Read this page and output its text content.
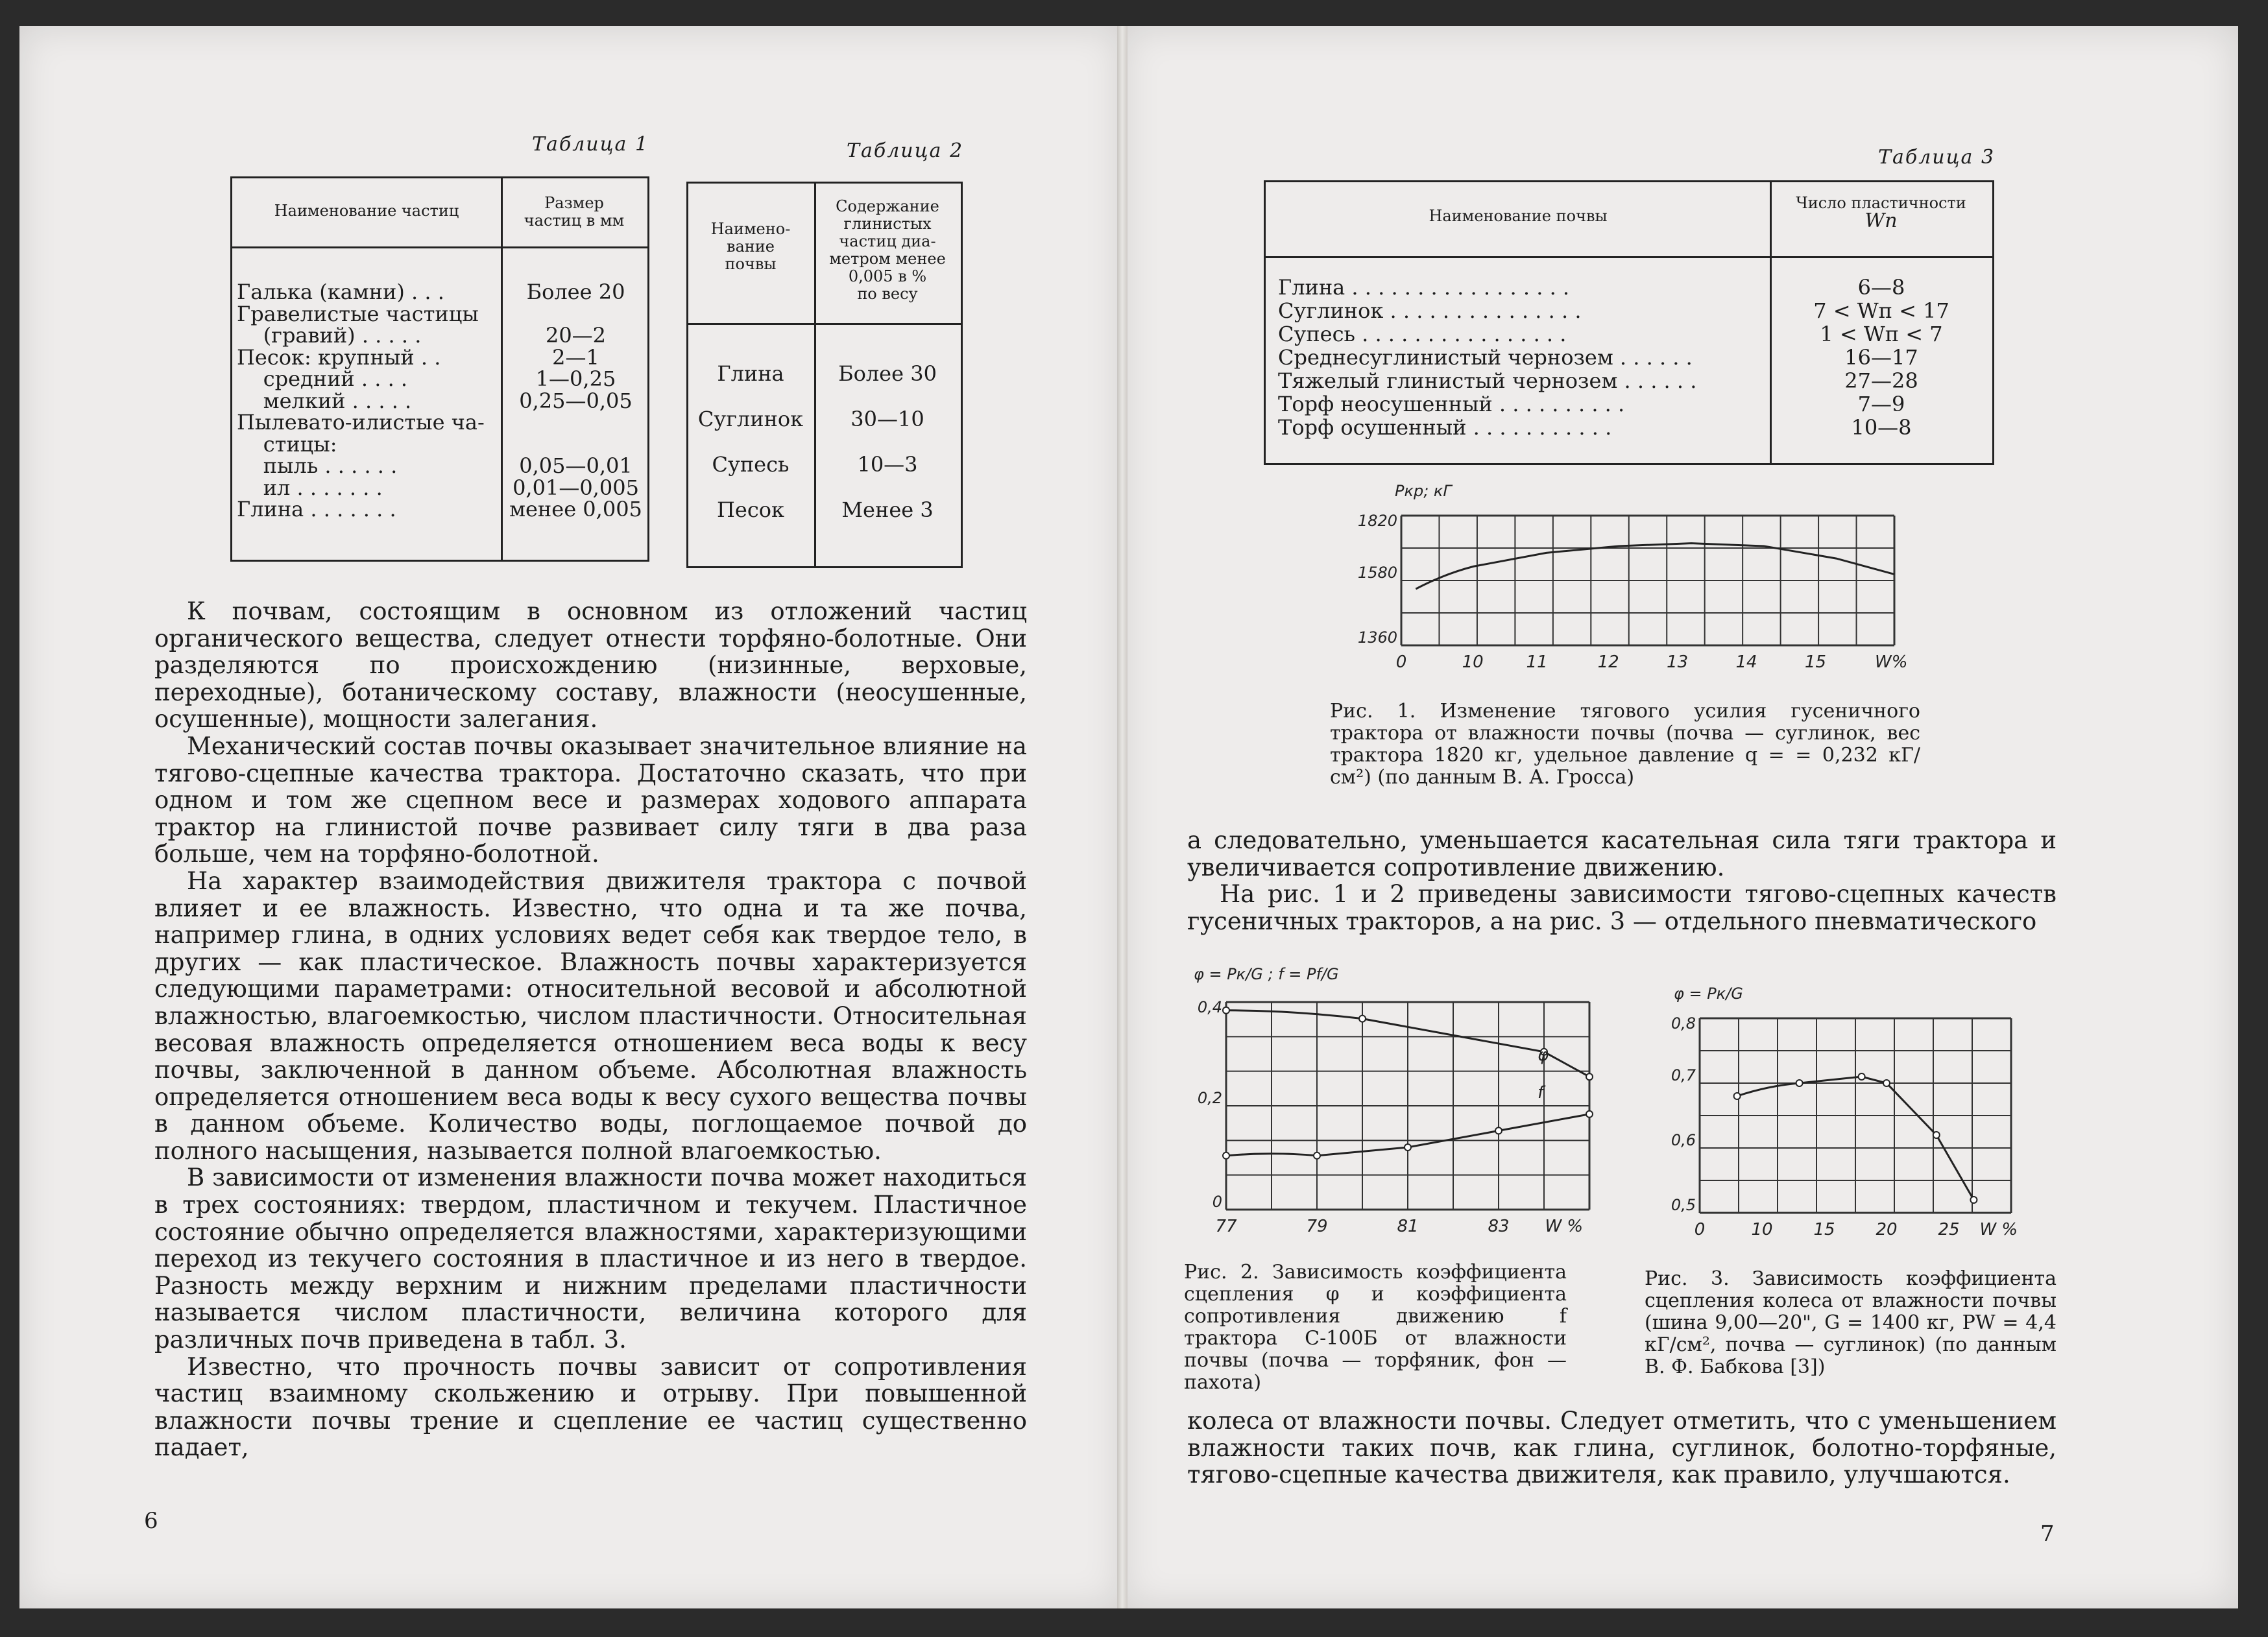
Таблица 1
Наименование частиц	Размер
частиц в мм
Галька (камни) . . .	Более 20
Гравелистые частицы
(гравий) . . . . .	20—2
Песок: крупный . .	2—1
средний . . . .	1—0,25
мелкий . . . . .	0,25—0,05
Пылевато-илистые ча-
стицы:
пыль . . . . . .	0,05—0,01
ил . . . . . . .	0,01—0,005
Глина . . . . . . .	менее 0,005
Таблица 2
Наимено-
вание
почвы
Содержание
глинистых
частиц диа-
метром менее
0,005 в %
по весу
Глина	Более 30
Суглинок	30—10
Супесь	10—3
Песок	Менее 3

К почвам, состоящим в основном из отложений частиц органического вещества, следует отнести торфяно-болотные. Они разделяются по происхождению (низинные, верховые, переходные), ботаническому составу, влажности (неосушенные, осушенные), мощности залегания.

Механический состав почвы оказывает значительное влияние на тягово-сцепные качества трактора. Достаточно сказать, что при одном и том же сцепном весе и размерах ходового аппарата трактор на глинистой почве развивает силу тяги в два раза больше, чем на торфяно-болотной.

На характер взаимодействия движителя трактора с почвой влияет и ее влажность. Известно, что одна и та же почва, например глина, в одних условиях ведет себя как твердое тело, в других — как пластическое. Влажность почвы характеризуется следующими параметрами: относительной весовой и абсолютной влажностью, влагоемкостью, числом пластичности. Относительная весовая влажность определяется отношением веса воды к весу почвы, заключенной в данном объеме. Абсолютная влажность определяется отношением веса воды к весу сухого вещества почвы в данном объеме. Количество воды, поглощаемое почвой до полного насыщения, называется полной влагоемкостью.

В зависимости от изменения влажности почва может находиться в трех состояниях: твердом, пластичном и текучем. Пластичное состояние обычно определяется влажностями, характеризующими переход из текучего состояния в пластичное и из него в твердое. Разность между верхним и нижним пределами пластичности называется числом пластичности, величина которого для различных почв приведена в табл. 3.

Известно, что прочность почвы зависит от сопротивления частиц взаимному скольжению и отрыву. При повышенной влажности почвы трение и сцепление ее частиц существенно падает,

6
Таблица 3
Наименование почвы
Число пластичности
Wп
Глина . . . . . . . . . . . . . . . . .	6—8
Суглинок . . . . . . . . . . . . . . .	7 < Wп < 17
Супесь . . . . . . . . . . . . . . . .	1 < Wп < 7
Среднесуглинистый чернозем . . . . . .	16—17
Тяжелый глинистый чернозем . . . . . .	27—28
Торф неосушенный . . . . . . . . . .	7—9
Торф осушенный . . . . . . . . . . .	10—8
0	10	11	12	13	14	15
1360
1580
1820
Pкр; кГ
W%
Рис. 1. Изменение тягового усилия гусеничного трактора от влажности почвы (почва — суглинок, вес трактора 1820 кг, удельное давление q = = 0,232 кГ/см²) (по данным В. А. Гросса)

а следовательно, уменьшается касательная сила тяги трактора и увеличивается сопротивление движению.

На рис. 1 и 2 приведены зависимости тягово-сцепных качеств гусеничных тракторов, а на рис. 3 — отдельного пневматического

77	79	81	83 W %
0
0,2
0,4
φ = Pк/G ; f = Pf/G
φ
f
Рис. 2. Зависимость коэффициента сцепления φ и коэффициента сопротивления движению f трактора С-100Б от влажности почвы (почва — торфяник, фон — пахота)
0	10 15 20 25 W %
0,5
0,6
0,7
0,8
φ = Pк/G
Рис. 3. Зависимость коэффициента сцепления колеса от влажности почвы (шина 9,00—20", G = 1400 кг, PW = 4,4 кГ/см², почва — суглинок) (по данным В. Ф. Бабкова [3])

колеса от влажности почвы. Следует отметить, что с уменьшением влажности таких почв, как глина, суглинок, болотно-торфяные, тягово-сцепные качества движителя, как правило, улучшаются.

7
